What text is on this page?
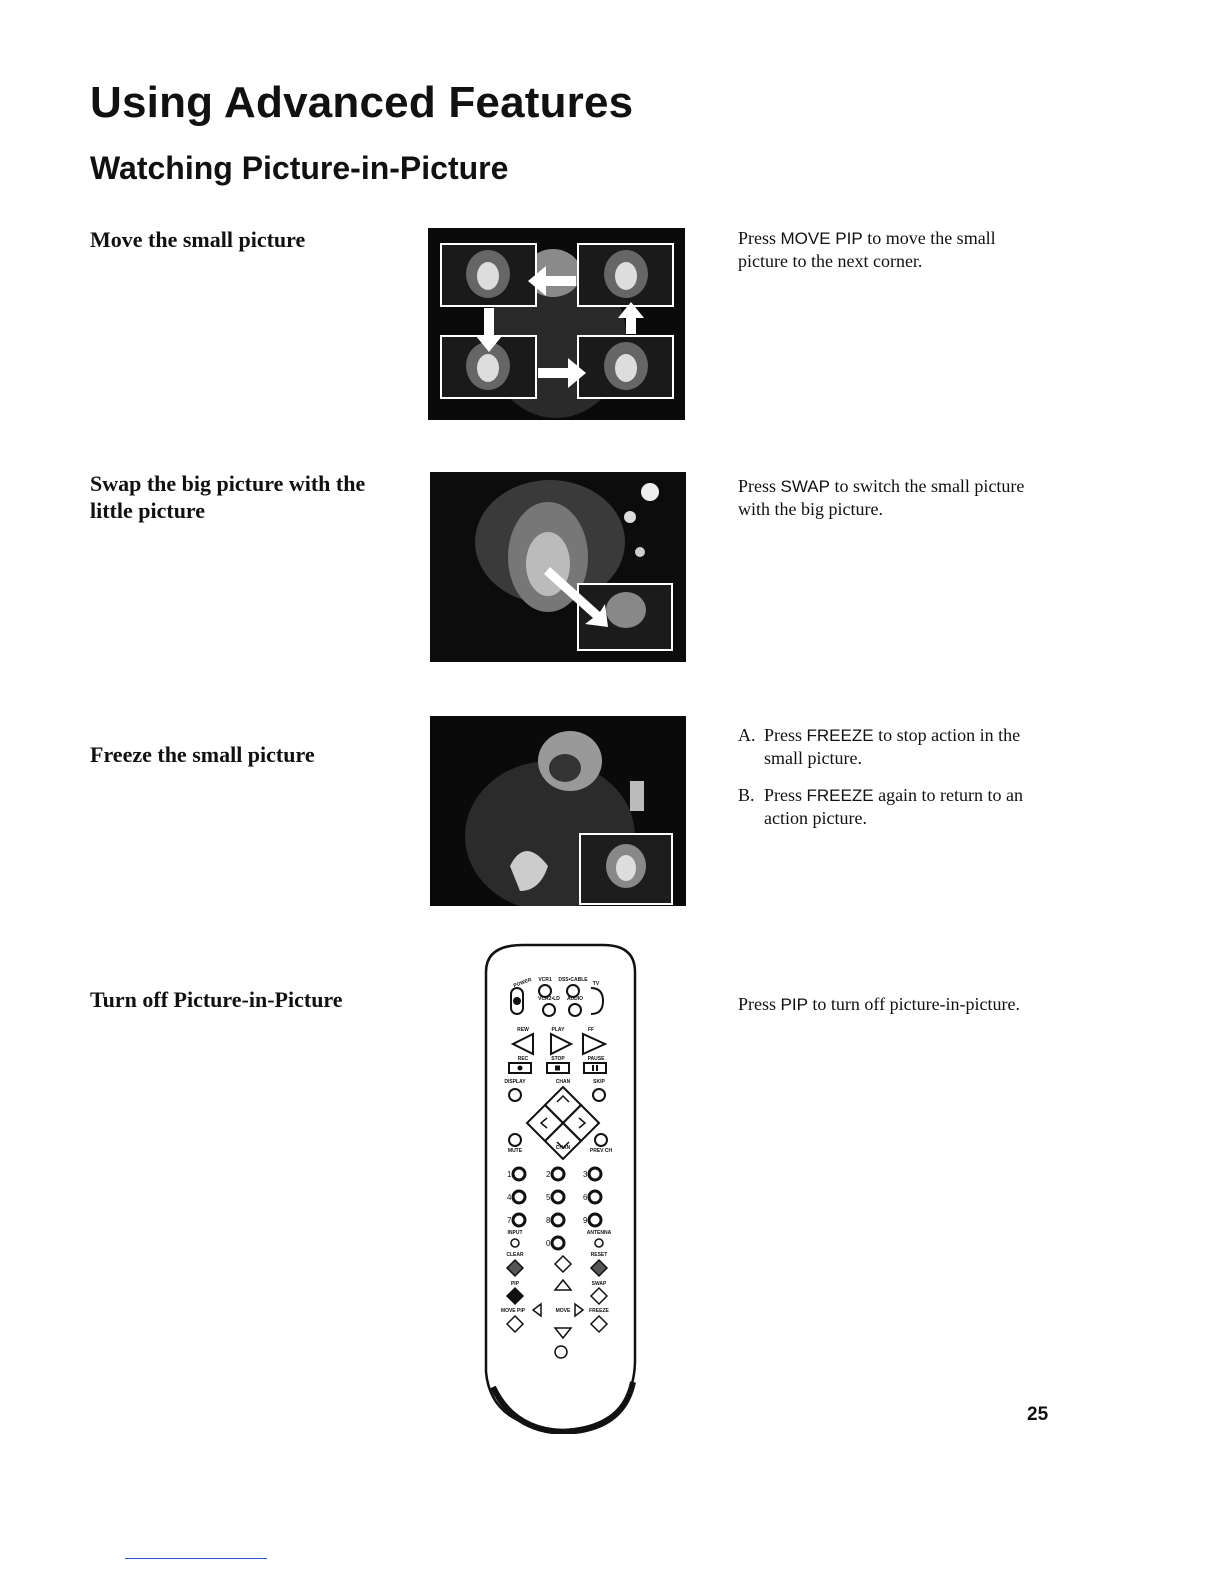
Using Advanced Features
Watching Picture-in-Picture

Move the small picture	Press MOVE PIP to move the small picture to the next corner.

Swap the big picture with the little picture

Press SWAP to switch the small picture with the big picture.

Freeze the small picture

A. Press FREEZE to stop action in the small picture.
B. Press FREEZE again to return to an action picture.

Turn off Picture-in-Picture	Press PIP to turn off picture-in-picture.

POWER VCR1 DSS•CABLE
TV
VCR2•LD AUDIO
REW	PLAY	FF
REC	STOP	PAUSE
DISPLAY	CHAN	SKIP
MUTE	CHAN	PREV CH
INPUT	ANTENNA
CLEAR	RESET
PIP	SWAP
MOVE PIP	MOVE	FREEZE
1	2	3
4	5	6
7	8	9
0
25
